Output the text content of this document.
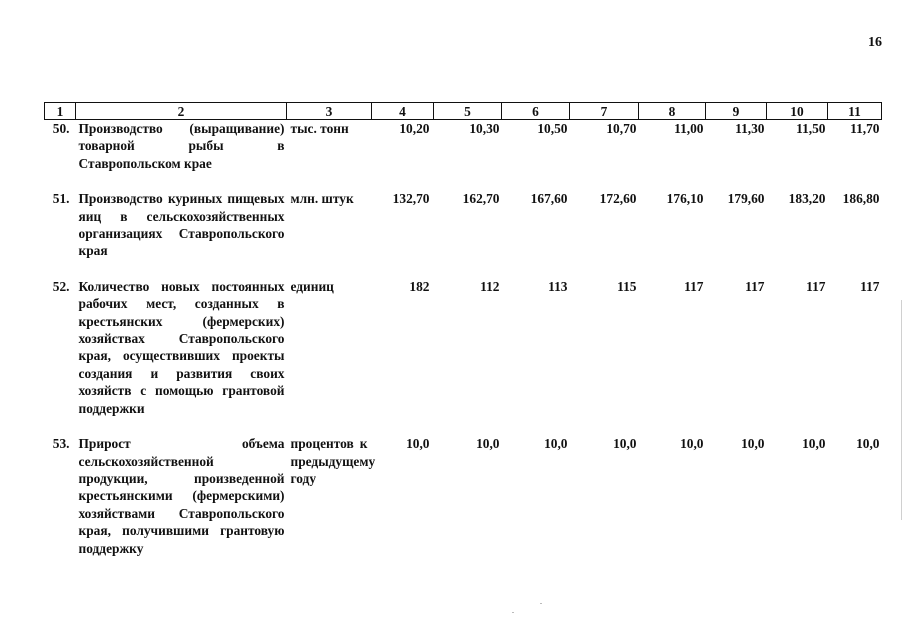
16
1	2	3	4	5	6	7	8	9	10	11
50.	Производство (выращивание) товарной рыбы в Ставропольском крае	тыс. тонн	10,20	10,30	10,50	10,70	11,00	11,30	11,50	11,70
51.	Производство куриных пищевых яиц в сельскохозяйственных организациях Ставропольского края	млн. штук	132,70	162,70	167,60	172,60	176,10	179,60	183,20	186,80
52.	Количество новых постоянных рабочих мест, созданных в крестьянских (фермерских) хозяйствах Ставропольского края, осуществивших проекты создания и развития своих хозяйств с помощью грантовой поддержки	единиц	182	112	113	115	117	117	117	117
53.	Прирост объема сельскохозяйственной продукции, произведенной крестьянскими (фермерскими) хозяйствами Ставропольского края, получившими грантовую поддержку	процентов к предыдущему году	10,0	10,0	10,0	10,0	10,0	10,0	10,0	10,0
